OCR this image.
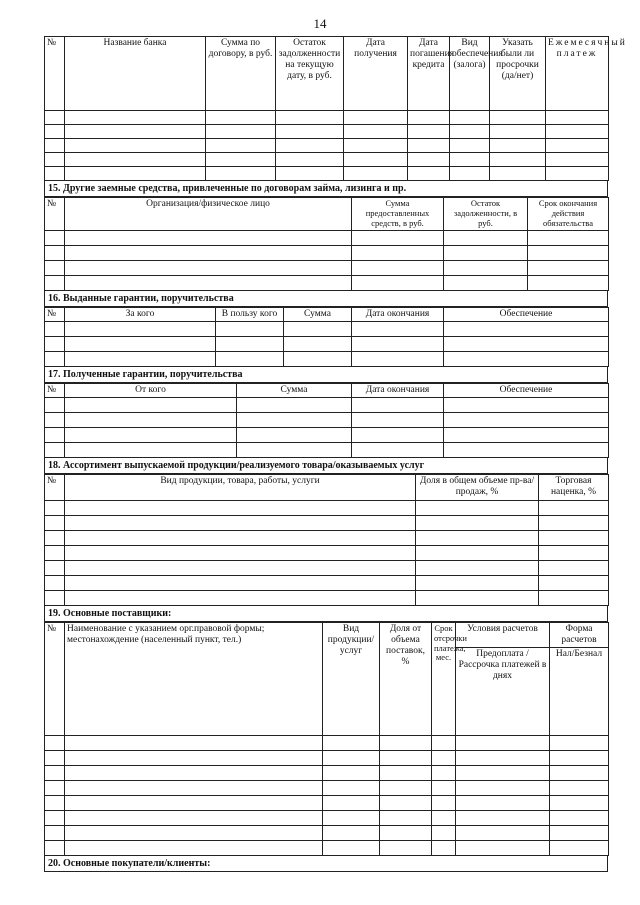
14
№	Название банка	Сумма по договору, в руб.	Остаток задолженности на текущую дату, в руб.	Дата получения	Дата погашения кредита	Вид обеспечения (залога)	Указать были ли просрочки (да/нет)	Ежемесячный платеж

15. Другие заемные средства, привлеченные по договорам займа, лизинга и пр.
№	Организация/физическое лицо	Сумма предоставленных средств, в руб.	Остаток задолженности, в руб.	Срок окончания действия обязательства

16. Выданные гарантии, поручительства
№	За кого	В пользу кого	Сумма	Дата окончания	Обеспечение

17. Полученные гарантии, поручительства
№	От кого	Сумма	Дата окончания	Обеспечение

18. Ассортимент выпускаемой продукции/реализуемого товара/оказываемых услуг
№	Вид продукции, товара, работы, услуги	Доля в общем объеме пр-ва/продаж, %	Торговая наценка, %

19. Основные поставщики:
№	Наименование с указанием орг.правовой формы; местонахождение (населенный пункт, тел.)	Вид продукции/услуг	Доля от объема поставок, %	Срок отсрочки платежа, мес.	Условия расчетов	Форма расчетов
					Предоплата / Рассрочка платежей в днях	Нал/Безнал

20. Основные покупатели/клиенты:
